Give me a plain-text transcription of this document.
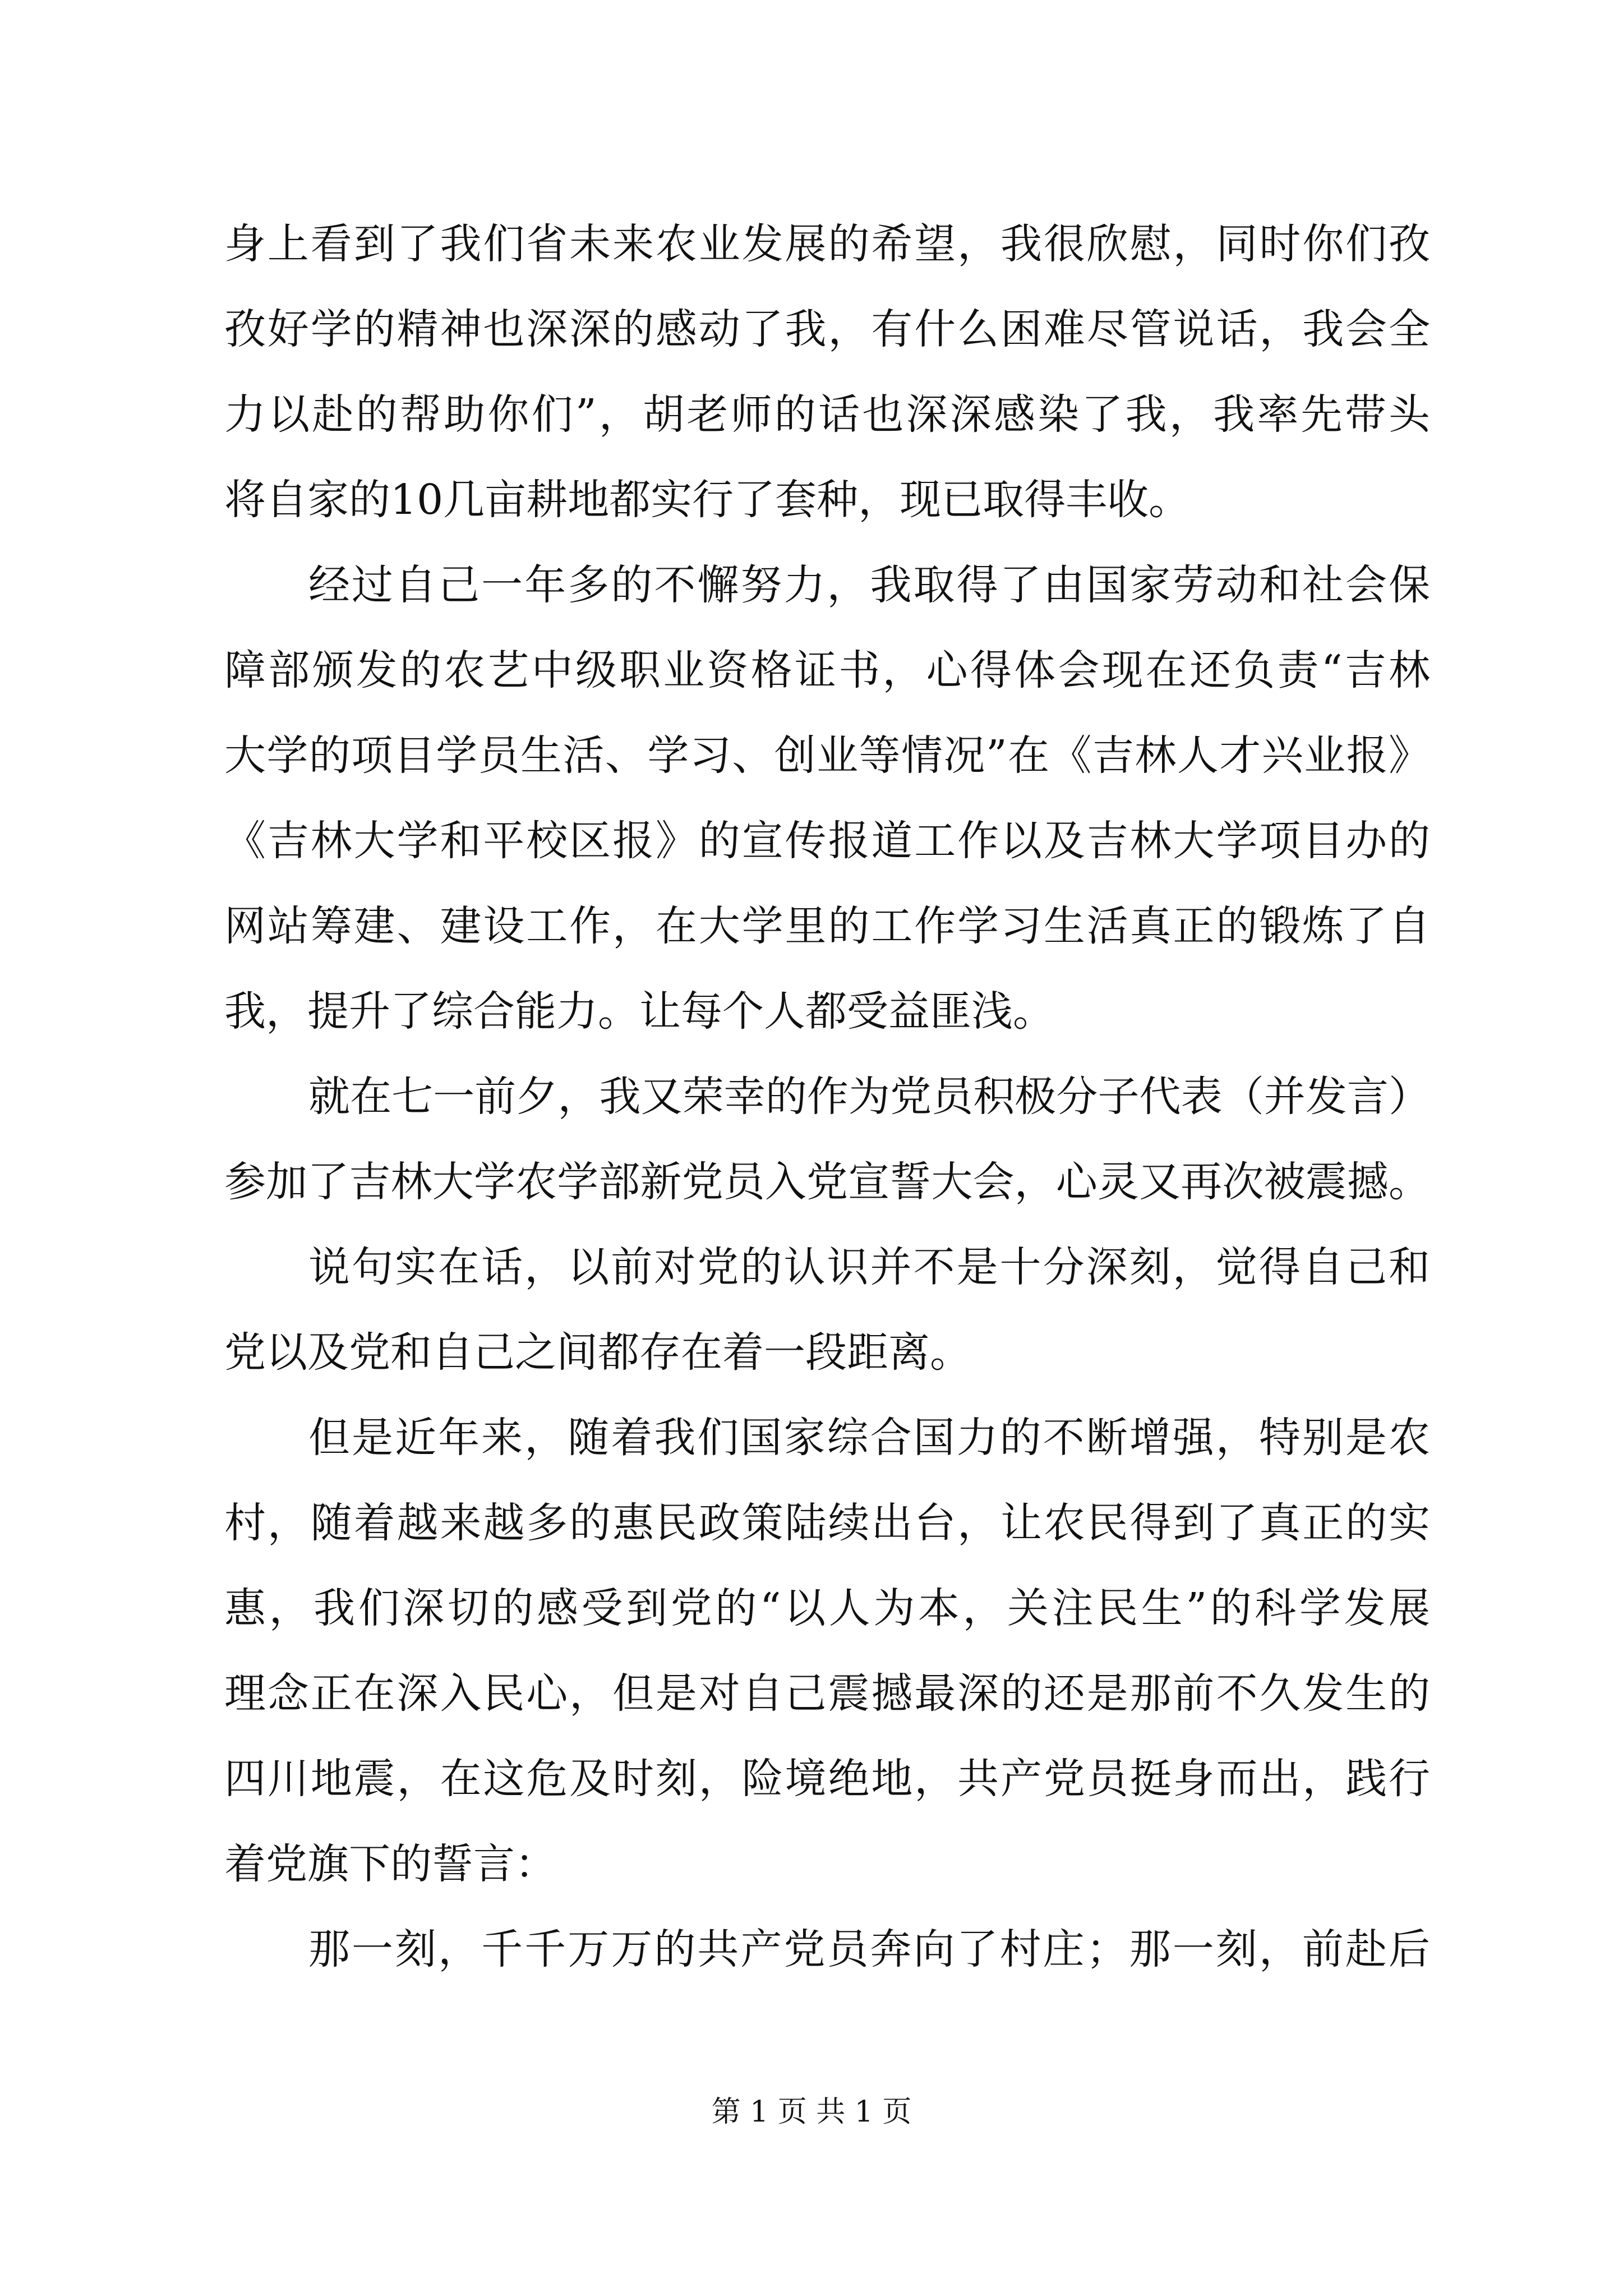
身上看到了我们省未来农业发展的希望，我很欣慰，同时你们孜
孜好学的精神也深深的感动了我，有什么困难尽管说话，我会全
力以赴的帮助你们”，胡老师的话也深深感染了我，我率先带头
将自家的10几亩耕地都实行了套种，现已取得丰收。
经过自己一年多的不懈努力，我取得了由国家劳动和社会保
障部颁发的农艺中级职业资格证书，心得体会现在还负责“吉林
大学的项目学员生活、学习、创业等情况”在《吉林人才兴业报》
《吉林大学和平校区报》的宣传报道工作以及吉林大学项目办的
网站筹建、建设工作，在大学里的工作学习生活真正的锻炼了自
我，提升了综合能力。让每个人都受益匪浅。
就在七一前夕，我又荣幸的作为党员积极分子代表（并发言）
参加了吉林大学农学部新党员入党宣誓大会，心灵又再次被震撼。
说句实在话，以前对党的认识并不是十分深刻，觉得自己和
党以及党和自己之间都存在着一段距离。
但是近年来，随着我们国家综合国力的不断增强，特别是农
村，随着越来越多的惠民政策陆续出台，让农民得到了真正的实
惠，我们深切的感受到党的“以人为本，关注民生”的科学发展
理念正在深入民心，但是对自己震撼最深的还是那前不久发生的
四川地震，在这危及时刻，险境绝地，共产党员挺身而出，践行
着党旗下的誓言：
那一刻，千千万万的共产党员奔向了村庄；那一刻，前赴后
第 1 页 共 1 页
